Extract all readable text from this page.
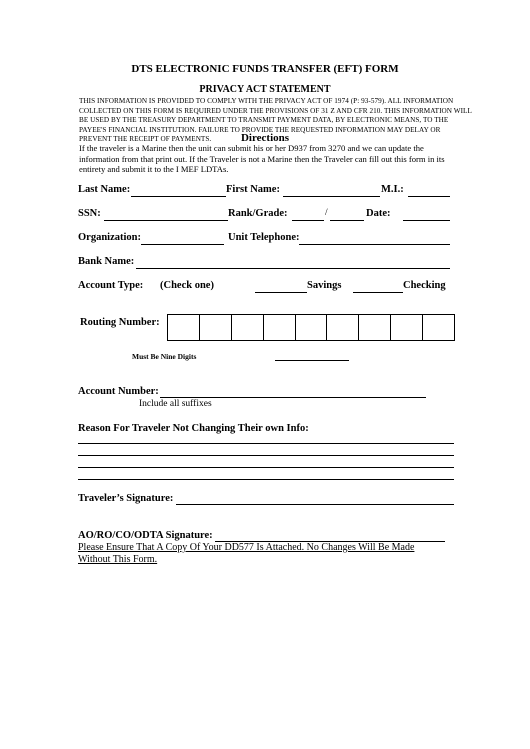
DTS ELECTRONIC FUNDS TRANSFER (EFT) FORM
PRIVACY ACT STATEMENT
THIS INFORMATION IS PROVIDED TO COMPLY WITH THE PRIVACY ACT OF 1974 (P: 93-579). ALL INFORMATION COLLECTED ON THIS FORM IS REQUIRED UNDER THE PROVISIONS OF 31 Z AND CFR 210. THIS INFORMATION WILL BE USED BY THE TREASURY DEPARTMENT TO TRANSMIT PAYMENT DATA, BY ELECTRONIC MEANS, TO THE PAYEE'S FINANCIAL INSTITUTION. FAILURE TO PROVIDE THE REQUESTED INFORMATION MAY DELAY OR PREVENT THE RECEIPT OF PAYMENTS.	Directions
If the traveler is a Marine then the unit can submit his or her D937 from 3270 and we can update the information from that print out. If the Traveler is not a Marine then the Traveler can fill out this form in its entirety and submit it to the I MEF LDTAs.
Last Name:	First Name:	M.I.:
SSN:	Rank/Grade:	/	Date:
Organization:	Unit Telephone:
Bank Name:
Account Type: (Check one)	Savings	Checking
Routing Number:
Must Be Nine Digits
Account Number:
Include all suffixes
Reason For Traveler Not Changing Their own Info:
Traveler’s Signature:
AO/RO/CO/ODTA Signature:
Please Ensure That A Copy Of Your DD577 Is Attached. No Changes Will Be Made
Without This Form.
